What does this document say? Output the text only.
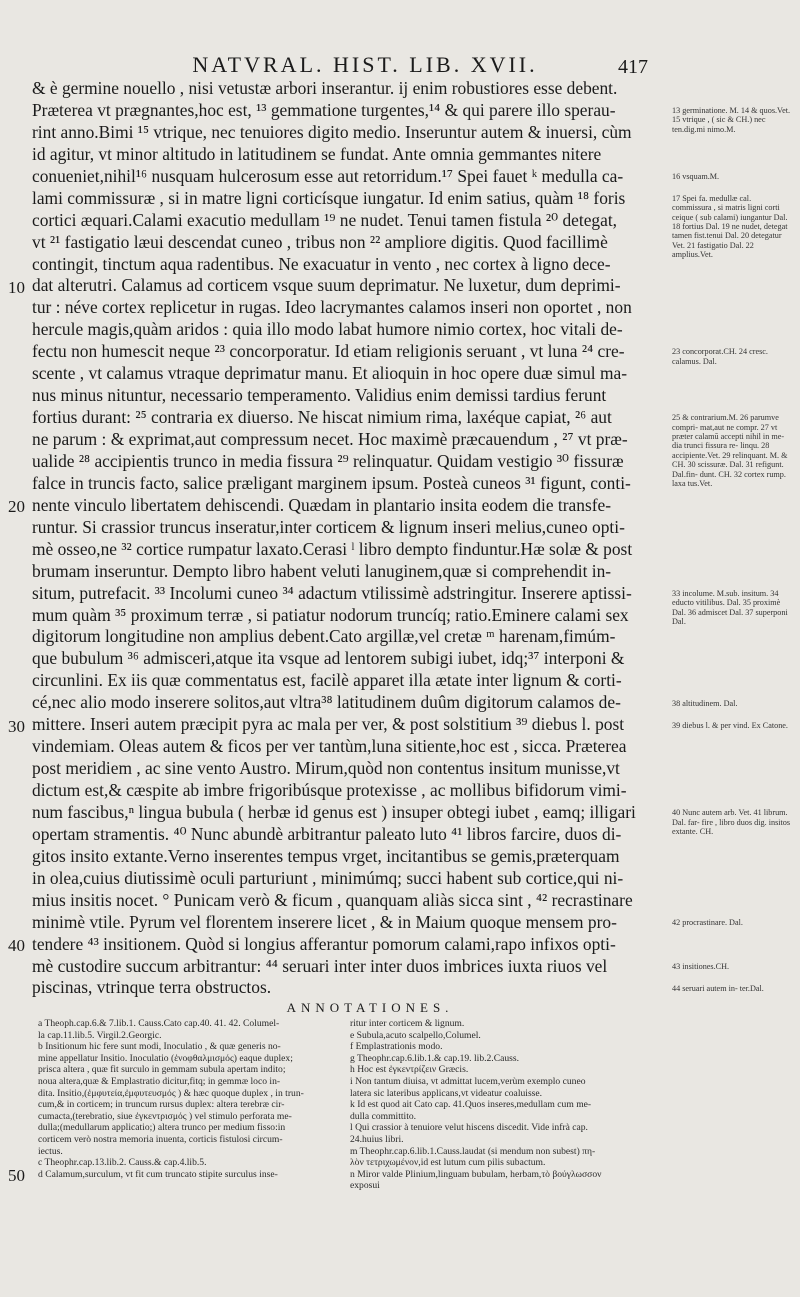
NATVRAL. HIST. LIB. XVII.	417
& è germine nouello , nisi vetustæ arbori inserantur. ij enim robustiores esse debent.
Præterea vt prægnantes,hoc est, ¹³ gemmatione turgentes,¹⁴ & qui parere illo sperau-
rint anno.Bimi ¹⁵ vtrique, nec tenuiores digito medio. Inseruntur autem & inuersi, cùm
id agitur, vt minor altitudo in latitudinem se fundat. Ante omnia gemmantes nitere
conueniet,nihil¹⁶ nusquam hulcerosum esse aut retorridum.¹⁷ Spei fauet ᵏ medulla ca-
lami commissuræ , si in matre ligni corticísque iungatur. Id enim satius, quàm ¹⁸ foris
cortici æquari.Calami exacutio medullam ¹⁹ ne nudet. Tenui tamen fistula ²⁰ detegat,
vt ²¹ fastigatio læui descendat cuneo , tribus non ²² ampliore digitis. Quod facillimè
contingit, tinctum aqua radentibus. Ne exacuatur in vento , nec cortex à ligno dece-
dat alterutri. Calamus ad corticem vsque suum deprimatur. Ne luxetur, dum deprimi-
tur : néve cortex replicetur in rugas. Ideo lacrymantes calamos inseri non oportet , non
hercule magis,quàm aridos : quia illo modo labat humore nimio cortex, hoc vitali de-
fectu non humescit neque ²³ concorporatur. Id etiam religionis seruant , vt luna ²⁴ cre-
scente , vt calamus vtraque deprimatur manu. Et alioquin in hoc opere duæ simul ma-
nus minus nituntur, necessario temperamento. Validius enim demissi tardius ferunt
fortius durant: ²⁵ contraria ex diuerso. Ne hiscat nimium rima, laxéque capiat, ²⁶ aut
ne parum : & exprimat,aut compressum necet. Hoc maximè præcauendum , ²⁷ vt præ-
ualide ²⁸ accipientis trunco in media fissura ²⁹ relinquatur. Quidam vestigio ³⁰ fissuræ
falce in truncis facto, salice præligant marginem ipsum. Posteà cuneos ³¹ figunt, conti-
nente vinculo libertatem dehiscendi. Quædam in plantario insita eodem die transfe-
runtur. Si crassior truncus inseratur,inter corticem & lignum inseri melius,cuneo opti-
mè osseo,ne ³² cortice rumpatur laxato.Cerasi ˡ libro dempto finduntur.Hæ solæ & post
brumam inseruntur. Dempto libro habent veluti lanuginem,quæ si comprehendit in-
situm, putrefacit. ³³ Incolumi cuneo ³⁴ adactum vtilissimè adstringitur. Inserere aptissi-
mum quàm ³⁵ proximum terræ , si patiatur nodorum truncíq; ratio.Eminere calami sex
digitorum longitudine non amplius debent.Cato argillæ,vel cretæ ᵐ harenam,fimúm-
que bubulum ³⁶ admisceri,atque ita vsque ad lentorem subigi iubet, idq;³⁷ interponi &
circunlini. Ex iis quæ commentatus est, facilè apparet illa ætate inter lignum & corti-
cé,nec alio modo inserere solitos,aut vltra³⁸ latitudinem duûm digitorum calamos de-
mittere. Inseri autem præcipit pyra ac mala per ver, & post solstitium ³⁹ diebus l. post
vindemiam. Oleas autem & ficos per ver tantùm,luna sitiente,hoc est , sicca. Præterea
post meridiem , ac sine vento Austro. Mirum,quòd non contentus insitum munisse,vt
dictum est,& cæspite ab imbre frigoribúsque protexisse , ac mollibus bifidorum vimi-
num fascibus,ⁿ lingua bubula ( herbæ id genus est ) insuper obtegi iubet , eamq; illigari
opertam stramentis. ⁴⁰ Nunc abundè arbitrantur paleato luto ⁴¹ libros farcire, duos di-
gitos insito extante.Verno inserentes tempus vrget, incitantibus se gemis,præterquam
in olea,cuius diutissimè oculi parturiunt , minimúmq; succi habent sub cortice,qui ni-
mius insitis nocet. ° Punicam verò & ficum , quanquam aliàs sicca sint , ⁴² recrastinare
minimè vtile. Pyrum vel florentem inserere licet , & in Maium quoque mensem pro-
tendere ⁴³ insitionem. Quòd si longius afferantur pomorum calami,rapo infixos opti-
mè custodire succum arbitrantur: ⁴⁴ seruari inter inter duos imbrices iuxta riuos vel
piscinas, vtrinque terra obstructos.
10
20
30
40
50
13 germinatione. M. 14 & quos.Vet. 15 vtrique , ( sic & CH.) nec ten.dig.mi nimo.M.
16 vsquam.M.
17 Spei fa. medullæ cal. commissura , si matris ligni corti ceique ( sub calami) iungantur Dal. 18 fortius Dal. 19 ne nudet, detegat tamen fist.tenui Dal. 20 detegatur Vet. 21 fastigatio Dal. 22 amplius.Vet.
23 concorporat.CH. 24 cresc. calamus. Dal.
25 & contrarium.M. 26 parumve compri- mat,aut ne compr. 27 vt præter calamū accepti nihil in me- dia trunci fissura re- linqu. 28 accipiente.Vet. 29 relinquant. M. & CH. 30 scissuræ. Dal. 31 refigunt. Dal.fin- dunt. CH. 32 cortex rump. laxa tus.Vet.
33 incolume. M.sub. insitum. 34 educto vitilibus. Dal. 35 proximè Dal. 36 admiscet Dal. 37 superponi Dal.
38 altitudinem. Dal.
39 diebus l. & per vind. Ex Catone.
40 Nunc autem arb. Vet. 41 librum. Dal. far- fire , libro duos dig. insitos extante. CH.
42 procrastinare. Dal.
43 insitiones.CH.
44 seruari autem in- ter.Dal.
ANNOTATIONES.
a Theoph.cap.6.& 7.lib.1. Causs.Cato cap.40. 41. 42. Columel-
la cap.11.lib.5. Virgil.2.Georgic.
b Insitionum hic fere sunt modi, Inoculatio , & quæ generis no-
mine appellatur Insitio. Inoculatio (ἐνοφθαλμισμός) eaque duplex;
prisca altera , quæ fit surculo in gemmam subula apertam indito;
noua altera,quæ & Emplastratio dicitur,fitq; in gemmæ loco in-
dita. Insitio,(ἐμφυτεία,ἐμφυτευσμός ) & hæc quoque duplex , in trun-
cum,& in corticem; in truncum rursus duplex: altera terebræ cir-
cumacta,(terebratio, siue ἐγκεντρισμός ) vel stimulo perforata me-
dulla;(medullarum applicatio;) altera trunco per medium fisso:in
corticem verò nostra memoria inuenta, corticis fistulosi circum-
iectus.
c Theophr.cap.13.lib.2. Causs.& cap.4.lib.5.
d Calamum,surculum, vt fit cum truncato stipite surculus inse-
ritur inter corticem & lignum.
e Subula,acuto scalpello,Columel.
f Emplastrationis modo.
g Theophr.cap.6.lib.1.& cap.19. lib.2.Causs.
h Hoc est ἐγκεντρίζειν Græcis.
i Non tantum diuisa, vt admittat lucem,verùm exemplo cuneo
latera sic lateribus applicans,vt videatur coaluisse.
k Id est quod ait Cato cap. 41.Quos inseres,medullam cum me-
dulla committito.
l Qui crassior à tenuiore velut hiscens discedit. Vide infrà cap.
24.huius libri.
m Theophr.cap.6.lib.1.Causs.laudat (si mendum non subest) πη-
λὸν τετριχωμένον,id est lutum cum pilis subactum.
n Miror valde Plinium,linguam bubulam, herbam,τὸ βούγλωσσον
exposui
